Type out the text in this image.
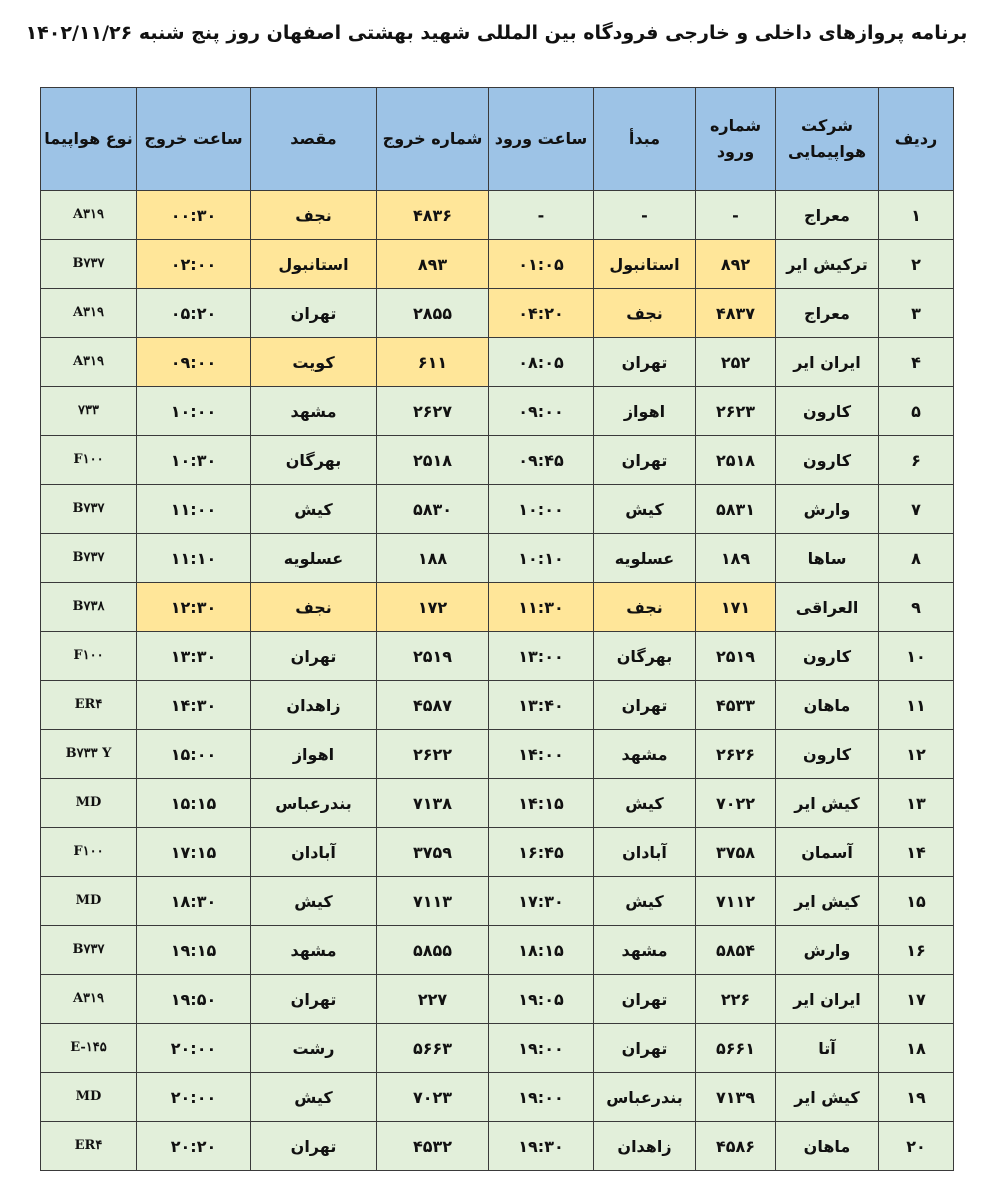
برنامه پروازهای داخلی و خارجی فرودگاه بین المللی شهید بهشتی اصفهان روز پنج شنبه ۱۴۰۲/۱۱/۲۶
ردیف	شرکت هواپیمایی	شماره ورود	مبدأ	ساعت ورود	شماره خروج	مقصد	ساعت خروج	نوع هواپیما
۱	معراج	-	-	-	۴۸۳۶	نجف	۰۰:۳۰	A۳۱۹
۲	ترکیش ایر	۸۹۲	استانبول	۰۱:۰۵	۸۹۳	استانبول	۰۲:۰۰	B۷۳۷
۳	معراج	۴۸۳۷	نجف	۰۴:۲۰	۲۸۵۵	تهران	۰۵:۲۰	A۳۱۹
۴	ایران ایر	۲۵۲	تهران	۰۸:۰۵	۶۱۱	کویت	۰۹:۰۰	A۳۱۹
۵	کارون	۲۶۲۳	اهواز	۰۹:۰۰	۲۶۲۷	مشهد	۱۰:۰۰	۷۳۳
۶	کارون	۲۵۱۸	تهران	۰۹:۴۵	۲۵۱۸	بهرگان	۱۰:۳۰	F۱۰۰
۷	وارش	۵۸۳۱	کیش	۱۰:۰۰	۵۸۳۰	کیش	۱۱:۰۰	B۷۳۷
۸	ساها	۱۸۹	عسلویه	۱۰:۱۰	۱۸۸	عسلویه	۱۱:۱۰	B۷۳۷
۹	العراقی	۱۷۱	نجف	۱۱:۳۰	۱۷۲	نجف	۱۲:۳۰	B۷۳۸
۱۰	کارون	۲۵۱۹	بهرگان	۱۳:۰۰	۲۵۱۹	تهران	۱۳:۳۰	F۱۰۰
۱۱	ماهان	۴۵۳۳	تهران	۱۳:۴۰	۴۵۸۷	زاهدان	۱۴:۳۰	ER۴
۱۲	کارون	۲۶۲۶	مشهد	۱۴:۰۰	۲۶۲۲	اهواز	۱۵:۰۰	B۷۳۳ Y
۱۳	کیش ایر	۷۰۲۲	کیش	۱۴:۱۵	۷۱۳۸	بندرعباس	۱۵:۱۵	MD
۱۴	آسمان	۳۷۵۸	آبادان	۱۶:۴۵	۳۷۵۹	آبادان	۱۷:۱۵	F۱۰۰
۱۵	کیش ایر	۷۱۱۲	کیش	۱۷:۳۰	۷۱۱۳	کیش	۱۸:۳۰	MD
۱۶	وارش	۵۸۵۴	مشهد	۱۸:۱۵	۵۸۵۵	مشهد	۱۹:۱۵	B۷۳۷
۱۷	ایران ایر	۲۲۶	تهران	۱۹:۰۵	۲۲۷	تهران	۱۹:۵۰	A۳۱۹
۱۸	آتا	۵۶۶۱	تهران	۱۹:۰۰	۵۶۶۳	رشت	۲۰:۰۰	E-۱۴۵
۱۹	کیش ایر	۷۱۳۹	بندرعباس	۱۹:۰۰	۷۰۲۳	کیش	۲۰:۰۰	MD
۲۰	ماهان	۴۵۸۶	زاهدان	۱۹:۳۰	۴۵۳۲	تهران	۲۰:۲۰	ER۴
